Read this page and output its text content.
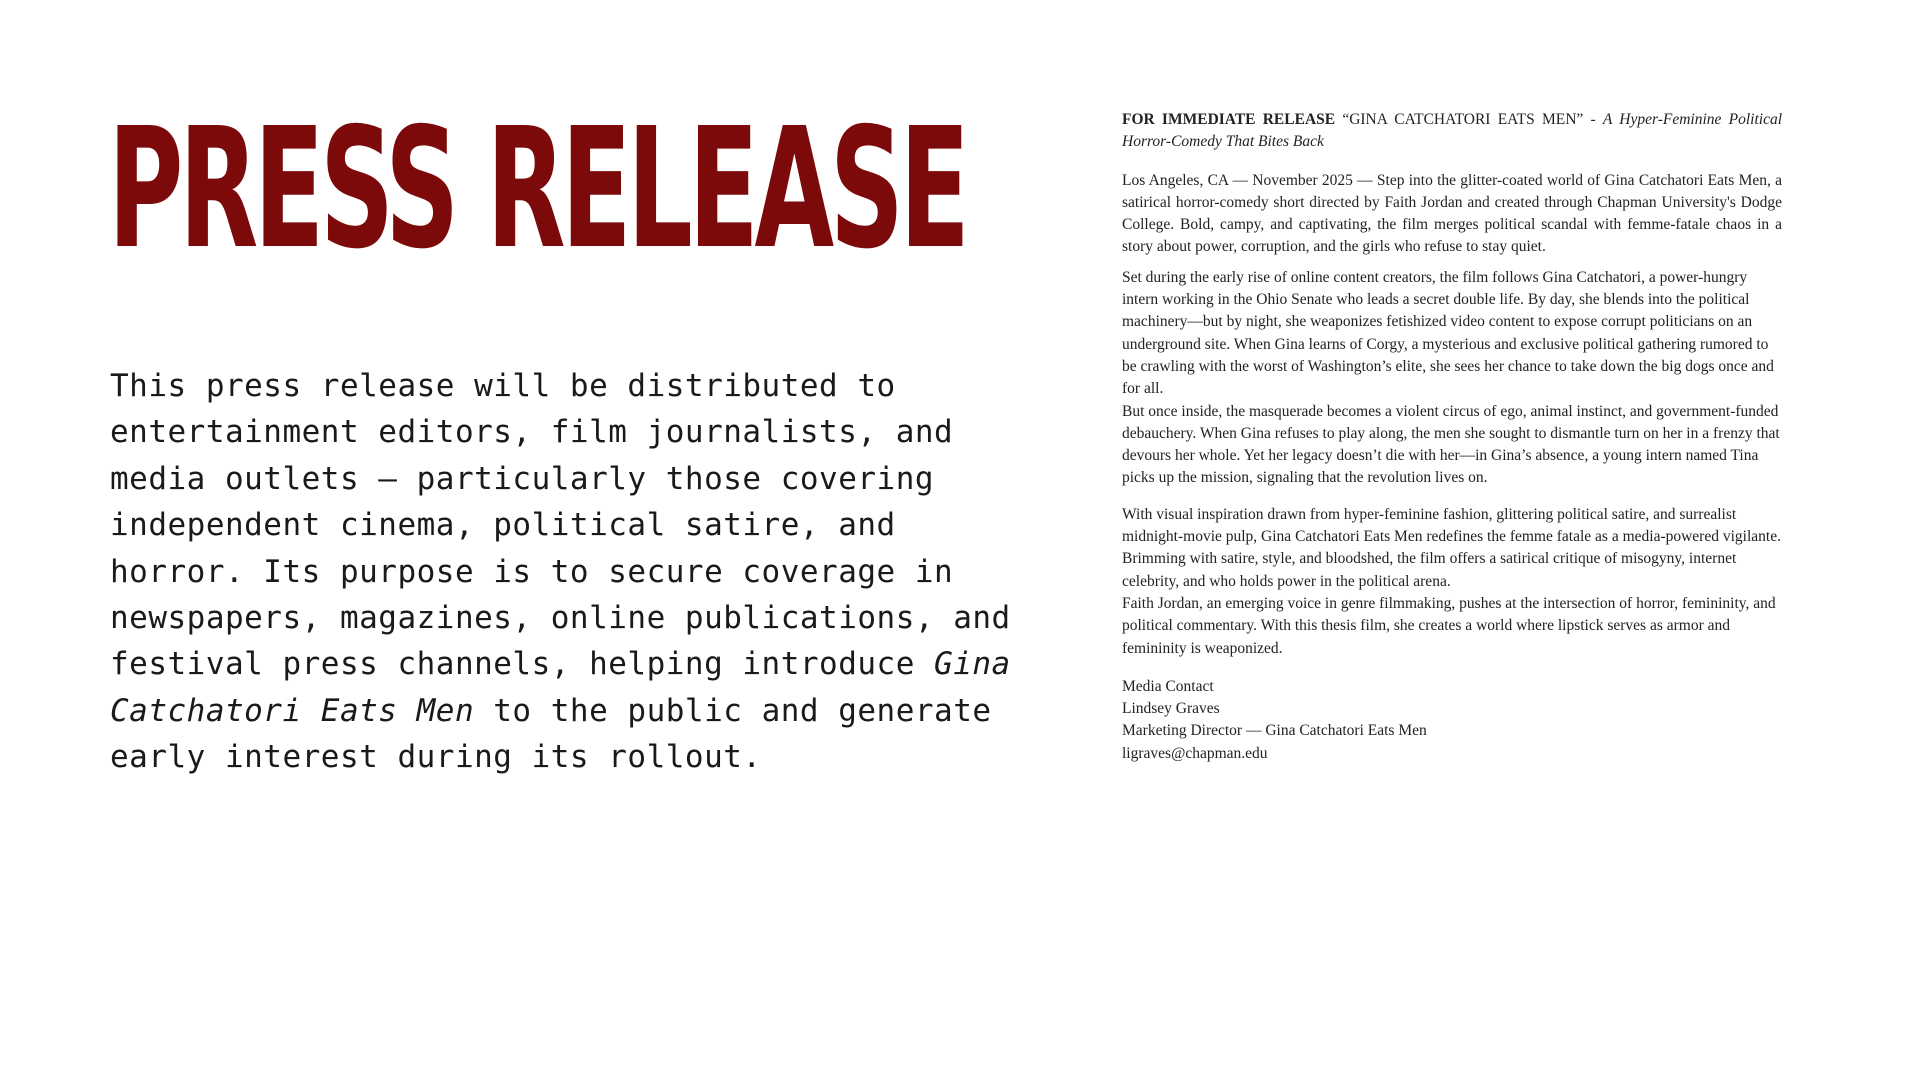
PRESS RELEASE
This press release will be distributed to entertainment editors, film journalists, and media outlets — particularly those covering independent cinema, political satire, and horror. Its purpose is to secure coverage in newspapers, magazines, online publications, and festival press channels, helping introduce Gina Catchatori Eats Men to the public and generate early interest during its rollout.

FOR IMMEDIATE RELEASE “GINA CATCHATORI EATS MEN” - A Hyper-Feminine Political Horror-Comedy That Bites Back

Los Angeles, CA — November 2025 — Step into the glitter-coated world of Gina Catchatori Eats Men, a satirical horror-comedy short directed by Faith Jordan and created through Chapman University's Dodge College. Bold, campy, and captivating, the film merges political scandal with femme-fatale chaos in a story about power, corruption, and the girls who refuse to stay quiet.

Set during the early rise of online content creators, the film follows Gina Catchatori, a power-hungry intern working in the Ohio Senate who leads a secret double life. By day, she blends into the political machinery—but by night, she weaponizes fetishized video content to expose corrupt politicians on an underground site. When Gina learns of Corgy, a mysterious and exclusive political gathering rumored to be crawling with the worst of Washington’s elite, she sees her chance to take down the big dogs once and for all.

But once inside, the masquerade becomes a violent circus of ego, animal instinct, and government-funded debauchery. When Gina refuses to play along, the men she sought to dismantle turn on her in a frenzy that devours her whole. Yet her legacy doesn’t die with her—in Gina’s absence, a young intern named Tina picks up the mission, signaling that the revolution lives on.

With visual inspiration drawn from hyper-feminine fashion, glittering political satire, and surrealist midnight-movie pulp, Gina Catchatori Eats Men redefines the femme fatale as a media-powered vigilante. Brimming with satire, style, and bloodshed, the film offers a satirical critique of misogyny, internet celebrity, and who holds power in the political arena.

Faith Jordan, an emerging voice in genre filmmaking, pushes at the intersection of horror, femininity, and political commentary. With this thesis film, she creates a world where lipstick serves as armor and femininity is weaponized.

Media Contact
Lindsey Graves
Marketing Director — Gina Catchatori Eats Men
ligraves@chapman.edu
